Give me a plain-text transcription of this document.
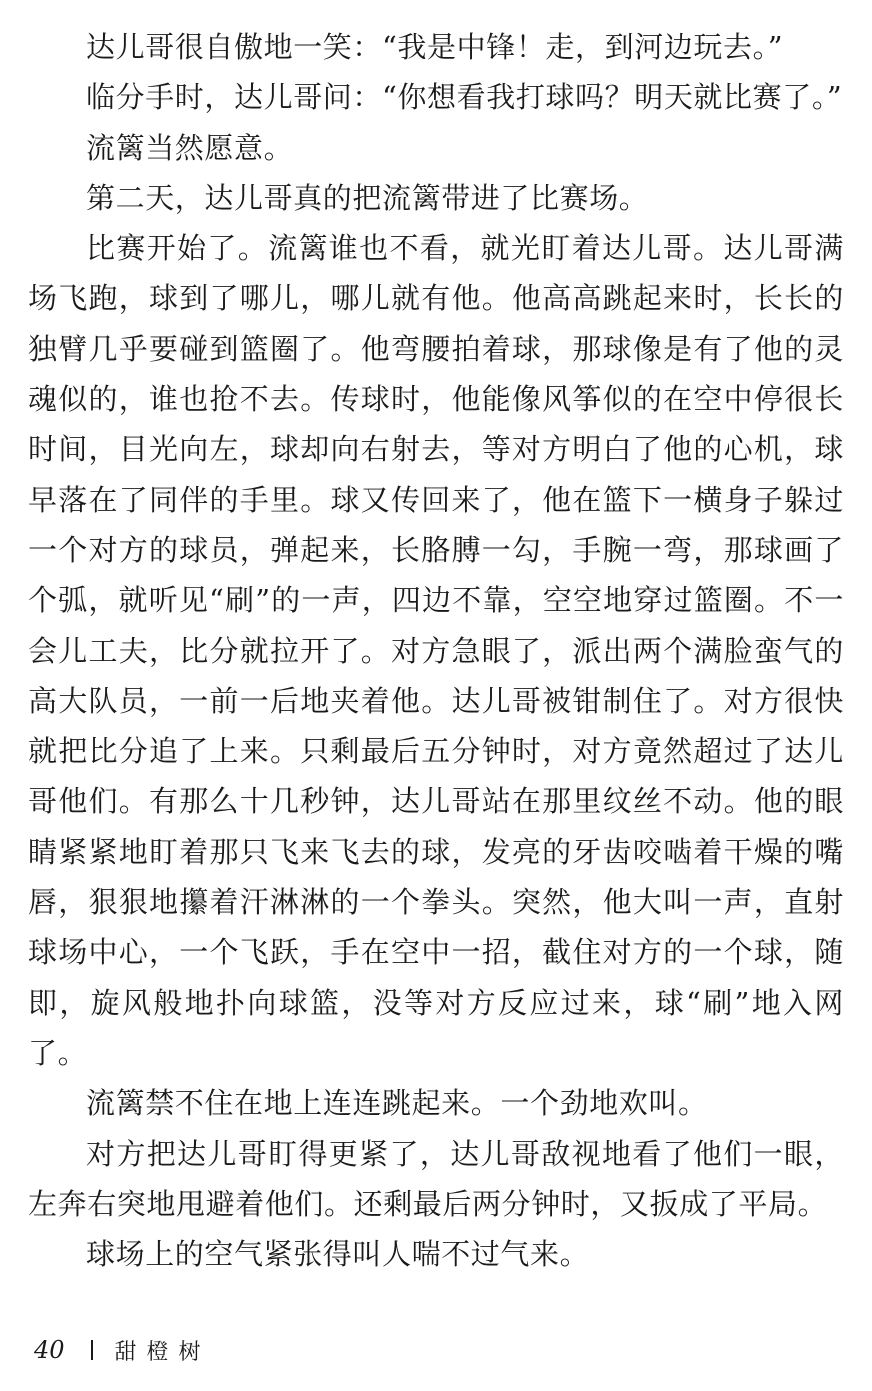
达儿哥很自傲地一笑：“我是中锋！走，到河边玩去。”

临分手时，达儿哥问：“你想看我打球吗？明天就比赛了。”

流篱当然愿意。

第二天，达儿哥真的把流篱带进了比赛场。

比赛开始了。流篱谁也不看，就光盯着达儿哥。达儿哥满场飞跑，球到了哪儿，哪儿就有他。他高高跳起来时，长长的独臂几乎要碰到篮圈了。他弯腰拍着球，那球像是有了他的灵魂似的，谁也抢不去。传球时，他能像风筝似的在空中停很长时间，目光向左，球却向右射去，等对方明白了他的心机，球早落在了同伴的手里。球又传回来了，他在篮下一横身子躲过一个对方的球员，弹起来，长胳膊一勾，手腕一弯，那球画了个弧，就听见“刷”的一声，四边不靠，空空地穿过篮圈。不一会儿工夫，比分就拉开了。对方急眼了，派出两个满脸蛮气的高大队员，一前一后地夹着他。达儿哥被钳制住了。对方很快就把比分追了上来。只剩最后五分钟时，对方竟然超过了达儿哥他们。有那么十几秒钟，达儿哥站在那里纹丝不动。他的眼睛紧紧地盯着那只飞来飞去的球，发亮的牙齿咬啮着干燥的嘴唇，狠狠地攥着汗淋淋的一个拳头。突然，他大叫一声，直射球场中心，一个飞跃，手在空中一招，截住对方的一个球，随即，旋风般地扑向球篮，没等对方反应过来，球“刷”地入网了。

流篱禁不住在地上连连跳起来。一个劲地欢叫。

对方把达儿哥盯得更紧了，达儿哥敌视地看了他们一眼，左奔右突地甩避着他们。还剩最后两分钟时，又扳成了平局。

球场上的空气紧张得叫人喘不过气来。

40 甜橙树
